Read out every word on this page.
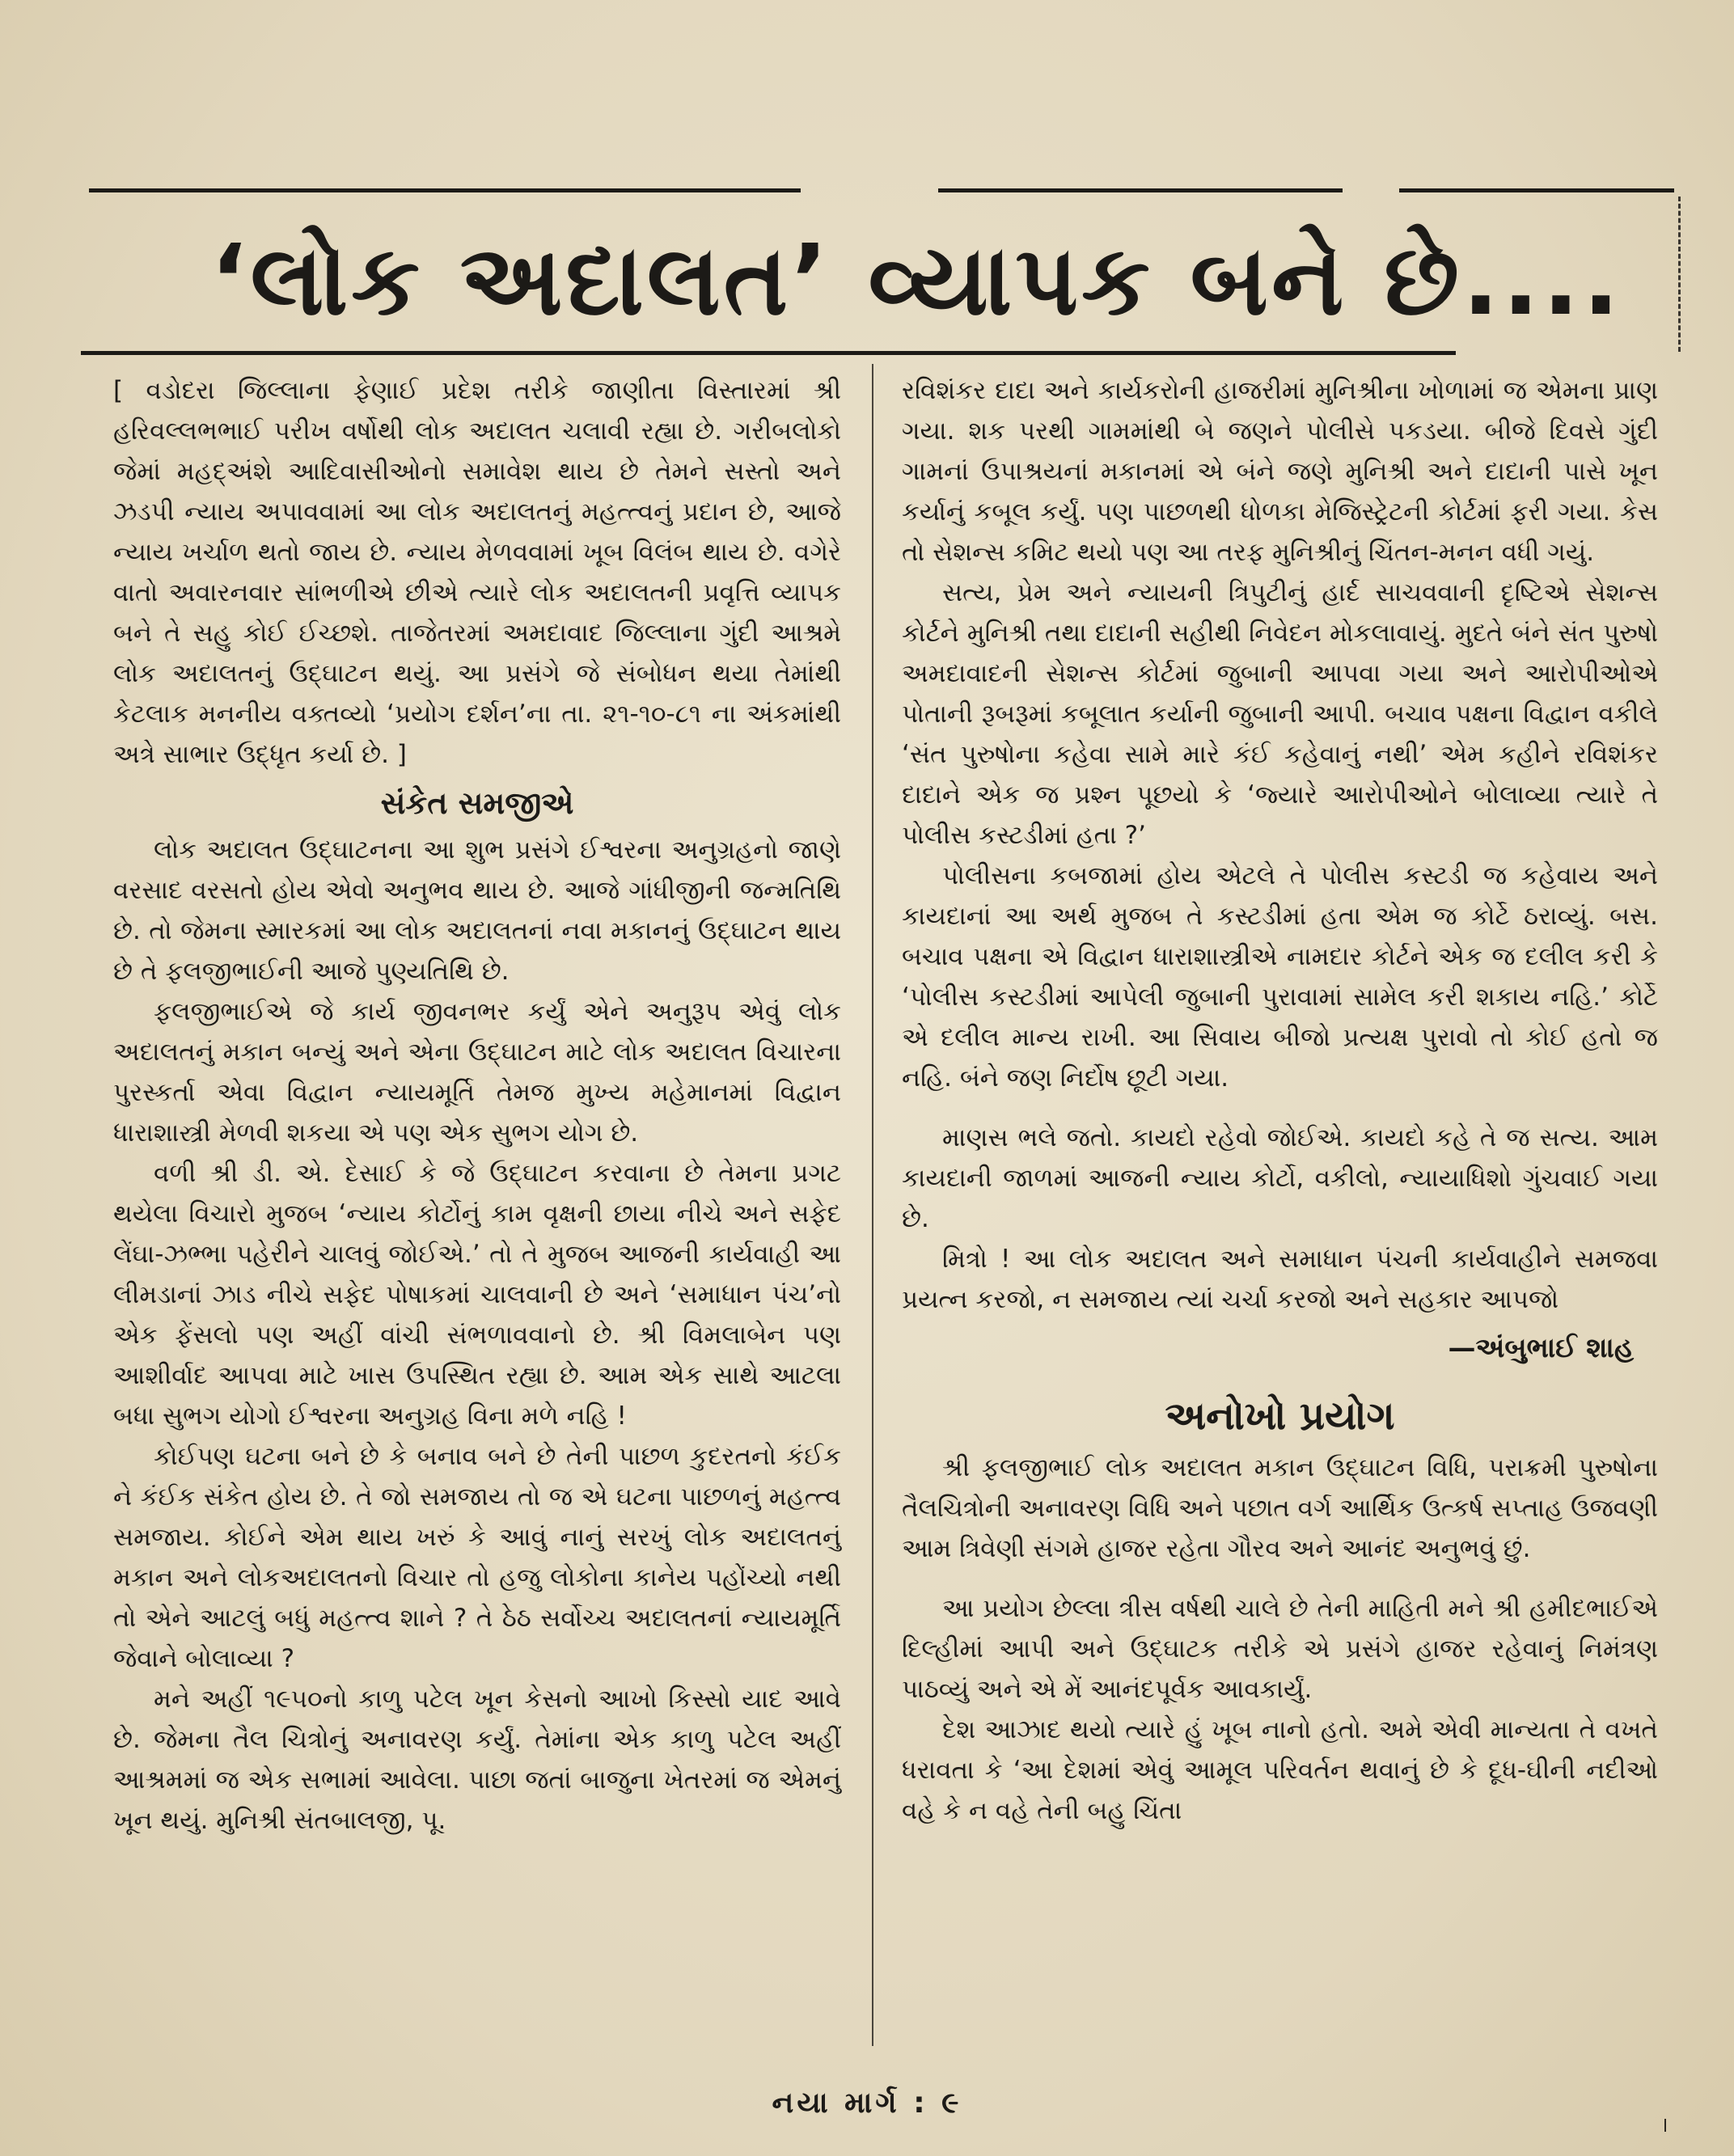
‘લોક અદાલત’ વ્યાપક બને છે....

[ વડોદરા જિલ્લાના ફેણાઈ પ્રદેશ તરીકે જાણીતા વિસ્તારમાં શ્રી હરિવલ્લભભાઈ પરીખ વર્ષોથી લોક અદાલત ચલાવી રહ્યા છે. ગરીબલોકો જેમાં મહદ્અંશે આદિવાસીઓનો સમાવેશ થાય છે તેમને સસ્તો અને ઝડપી ન્યાય અપાવવામાં આ લોક અદાલતનું મહત્ત્વનું પ્રદાન છે, આજે ન્યાય ખર્ચાળ થતો જાય છે. ન્યાય મેળવવામાં ખૂબ વિલંબ થાય છે. વગેરે વાતો અવારનવાર સાંભળીએ છીએ ત્યારે લોક અદાલતની પ્રવૃત્તિ વ્યાપક બને તે સહુ કોઈ ઈચ્છશે. તાજેતરમાં અમદાવાદ જિલ્લાના ગુંદી આશ્રમે લોક અદાલતનું ઉદ્ઘાટન થયું. આ પ્રસંગે જે સંબોધન થયા તેમાંથી કેટલાક મનનીય વક્તવ્યો ‘પ્રયોગ દર્શન’ના તા. ૨૧-૧૦-૮૧ ના અંકમાંથી અત્રે સાભાર ઉદ્ધૃત કર્યા છે. ]

સંકેત સમજીએ

લોક અદાલત ઉદ્ઘાટનના આ શુભ પ્રસંગે ઈશ્વરના અનુગ્રહનો જાણે વરસાદ વરસતો હોય એવો અનુભવ થાય છે. આજે ગાંધીજીની જન્મતિથિ છે. તો જેમના સ્મારકમાં આ લોક અદાલતનાં નવા મકાનનું ઉદ્ઘાટન થાય છે તે ફલજીભાઈની આજે પુણ્યતિથિ છે.

ફલજીભાઈએ જે કાર્ય જીવનભર કર્યું એને અનુરૂપ એવું લોક અદાલતનું મકાન બન્યું અને એના ઉદ્ઘાટન માટે લોક અદાલત વિચારના પુરસ્કર્તા એવા વિદ્વાન ન્યાયમૂર્તિ તેમજ મુખ્ય મહેમાનમાં વિદ્વાન ધારાશાસ્ત્રી મેળવી શકયા એ પણ એક સુભગ યોગ છે.

વળી શ્રી ડી. એ. દેસાઈ કે જે ઉદ્ઘાટન કરવાના છે તેમના પ્રગટ થયેલા વિચારો મુજબ ‘ન્યાય કોર્ટોનું કામ વૃક્ષની છાયા નીચે અને સફેદ લેંઘા-ઝભ્ભા પહેરીને ચાલવું જોઈએ.’ તો તે મુજબ આજની કાર્યવાહી આ લીમડાનાં ઝાડ નીચે સફેદ પોષાકમાં ચાલવાની છે અને ‘સમાધાન પંચ’નો એક ફેંસલો પણ અહીં વાંચી સંભળાવવાનો છે. શ્રી વિમલાબેન પણ આશીર્વાદ આપવા માટે ખાસ ઉપસ્થિત રહ્યા છે. આમ એક સાથે આટલા બધા સુભગ યોગો ઈશ્વરના અનુગ્રહ વિના મળે નહિ !

કોઈપણ ઘટના બને છે કે બનાવ બને છે તેની પાછળ કુદરતનો કંઈક ને કંઈક સંકેત હોય છે. તે જો સમજાય તો જ એ ઘટના પાછળનું મહત્ત્વ સમજાય. કોઈને એમ થાય ખરું કે આવું નાનું સરખું લોક અદાલતનું મકાન અને લોકઅદાલતનો વિચાર તો હજુ લોકોના કાનેય પહોંચ્યો નથી તો એને આટલું બધું મહત્ત્વ શાને ? તે ઠેઠ સર્વોચ્ચ અદાલતનાં ન્યાયમૂર્તિ જેવાને બોલાવ્યા ?

મને અહીં ૧૯૫૦નો કાળુ પટેલ ખૂન કેસનો આખો કિસ્સો યાદ આવે છે. જેમના તૈલ ચિત્રોનું અનાવરણ કર્યું. તેમાંના એક કાળુ પટેલ અહીં આશ્રમમાં જ એક સભામાં આવેલા. પાછા જતાં બાજુના ખેતરમાં જ એમનું ખૂન થયું. મુનિશ્રી સંતબાલજી, પૂ.

રવિશંકર દાદા અને કાર્યકરોની હાજરીમાં મુનિશ્રીના ખોળામાં જ એમના પ્રાણ ગયા. શક પરથી ગામમાંથી બે જણને પોલીસે પકડયા. બીજે દિવસે ગુંદી ગામનાં ઉપાશ્રયનાં મકાનમાં એ બંને જણે મુનિશ્રી અને દાદાની પાસે ખૂન કર્યાનું કબૂલ કર્યું. પણ પાછળથી ધોળકા મેજિસ્ટ્રેટની કોર્ટમાં ફરી ગયા. કેસ તો સેશન્સ કમિટ થયો પણ આ તરફ મુનિશ્રીનું ચિંતન-મનન વધી ગયું.

સત્ય, પ્રેમ અને ન્યાયની ત્રિપુટીનું હાર્દ સાચવવાની દૃષ્ટિએ સેશન્સ કોર્ટને મુનિશ્રી તથા દાદાની સહીથી નિવેદન મોકલાવાયું. મુદતે બંને સંત પુરુષો અમદાવાદની સેશન્સ કોર્ટમાં જુબાની આપવા ગયા અને આરોપીઓએ પોતાની રૂબરૂમાં કબૂલાત કર્યાની જુબાની આપી. બચાવ પક્ષના વિદ્વાન વકીલે ‘સંત પુરુષોના કહેવા સામે મારે કંઈ કહેવાનું નથી’ એમ કહીને રવિશંકર દાદાને એક જ પ્રશ્ન પૂછયો કે ‘જ્યારે આરોપીઓને બોલાવ્યા ત્યારે તે પોલીસ કસ્ટડીમાં હતા ?’

પોલીસના કબજામાં હોય એટલે તે પોલીસ કસ્ટડી જ કહેવાય અને કાયદાનાં આ અર્થ મુજબ તે કસ્ટડીમાં હતા એમ જ કોર્ટે ઠરાવ્યું. બસ. બચાવ પક્ષના એ વિદ્વાન ધારાશાસ્ત્રીએ નામદાર કોર્ટને એક જ દલીલ કરી કે ‘પોલીસ કસ્ટડીમાં આપેલી જુબાની પુરાવામાં સામેલ કરી શકાય નહિ.’ કોર્ટે એ દલીલ માન્ય રાખી. આ સિવાય બીજો પ્રત્યક્ષ પુરાવો તો કોઈ હતો જ નહિ. બંને જણ નિર્દોષ છૂટી ગયા.

માણસ ભલે જતો. કાયદો રહેવો જોઈએ. કાયદો કહે તે જ સત્ય. આમ કાયદાની જાળમાં આજની ન્યાય કોર્ટો, વકીલો, ન્યાયાધિશો ગુંચવાઈ ગયા છે.

મિત્રો ! આ લોક અદાલત અને સમાધાન પંચની કાર્યવાહીને સમજવા પ્રયત્ન કરજો, ન સમજાય ત્યાં ચર્ચા કરજો અને સહકાર આપજો

—અંબુભાઈ શાહ
અનોખો પ્રયોગ

શ્રી ફલજીભાઈ લોક અદાલત મકાન ઉદ્ઘાટન વિધિ, પરાક્રમી પુરુષોના તૈલચિત્રોની અનાવરણ વિધિ અને પછાત વર્ગ આર્થિક ઉત્કર્ષ સપ્તાહ ઉજવણી આમ ત્રિવેણી સંગમે હાજર રહેતા ગૌરવ અને આનંદ અનુભવું છું.

આ પ્રયોગ છેલ્લા ત્રીસ વર્ષથી ચાલે છે તેની માહિતી મને શ્રી હમીદભાઈએ દિલ્હીમાં આપી અને ઉદ્ઘાટક તરીકે એ પ્રસંગે હાજર રહેવાનું નિમંત્રણ પાઠવ્યું અને એ મેં આનંદપૂર્વક આવકાર્યું.

દેશ આઝાદ થયો ત્યારે હું ખૂબ નાનો હતો. અમે એવી માન્યતા તે વખતે ધરાવતા કે ‘આ દેશમાં એવું આમૂલ પરિવર્તન થવાનું છે કે દૂધ-ઘીની નદીઓ વહે કે ન વહે તેની બહુ ચિંતા

નયા માર્ગ : ૯
